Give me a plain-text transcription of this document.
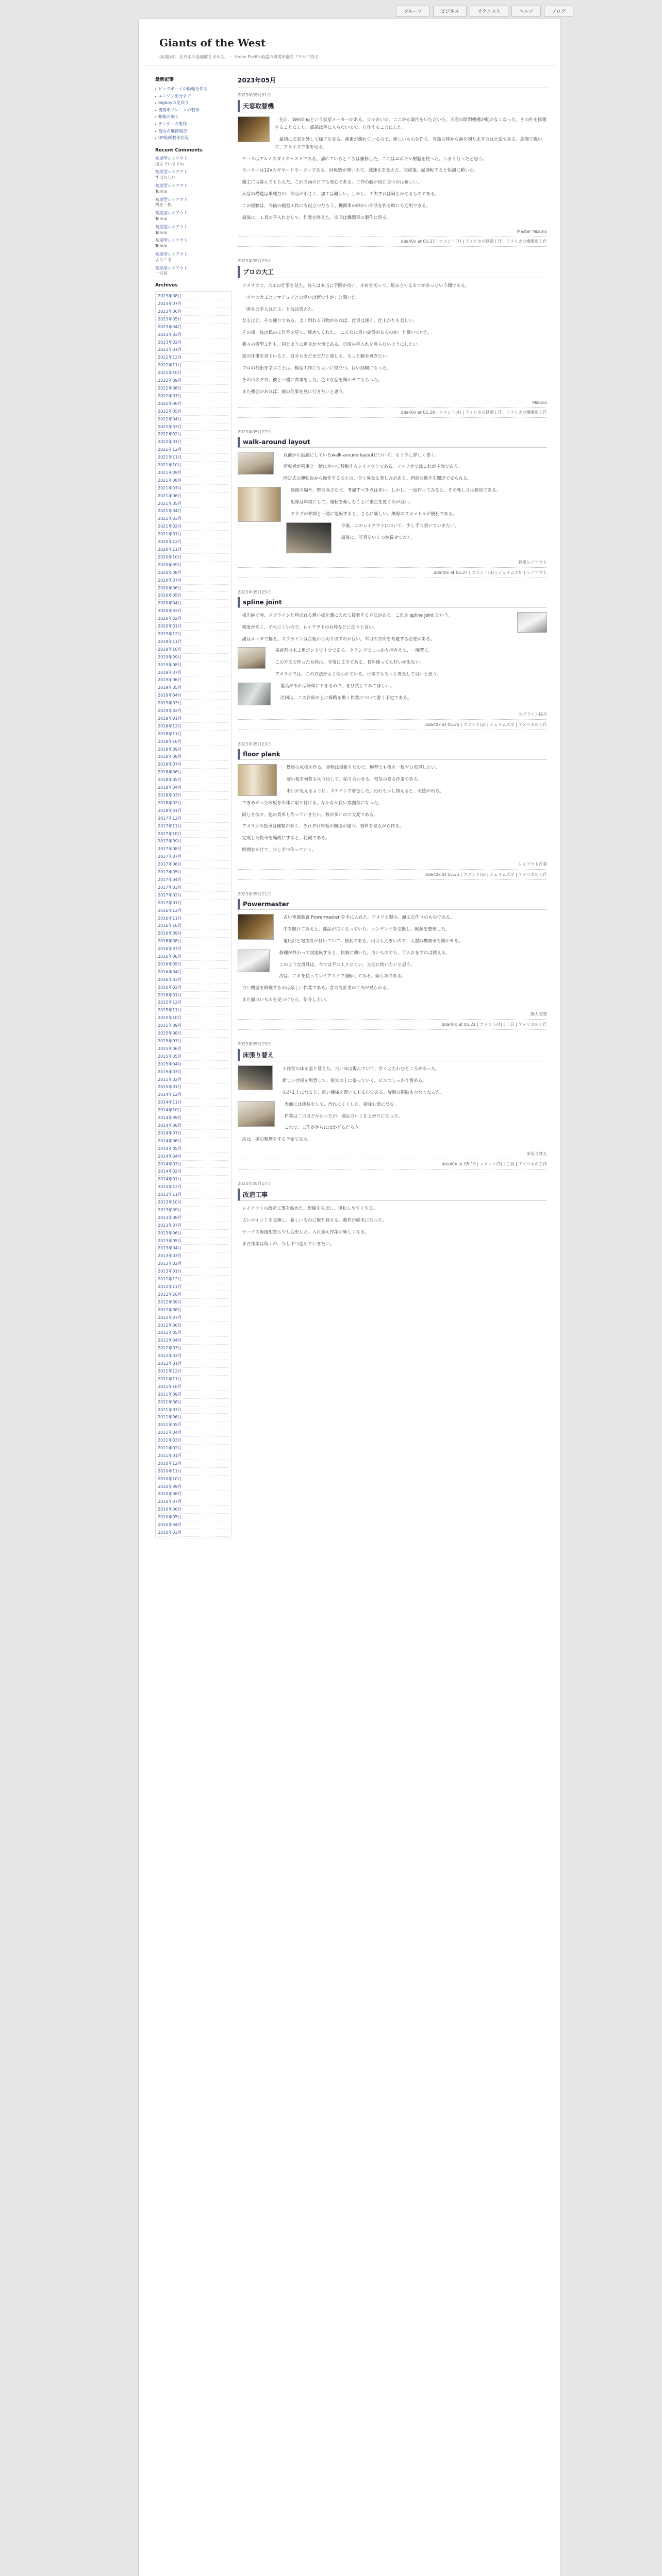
グループ	ビジネス	リクエスト	ヘルプ	ブログ
Giants of the West

(仮題)移、北日本の最適解を求める、 ~ Union Pacific最盛の機関車群をブラシで作る

最新記事
ビッグボーイの動輪を作る
エンジン部分まで
bigboyの足回り
機関車フレームの製作
軸箱の加工
テンダーの製作
最近の進捗報告
UP最新製作状況
Recent Comments
初期型レイアウト
進んでいますね
初期型レイアウト
すばらしい
初期型レイアウト
Tomix
初期型レイアウト
机を一枚
初期型レイアウト
Tomix
初期型レイアウト
Tomix
初期型レイアウト
Tomix
初期型レイアウト
ようこそ
初期型レイアウト
一日前
Archives
2023年08月
2023年07月
2023年06月
2023年05月
2023年04月
2023年03月
2023年02月
2023年01月
2022年12月
2022年11月
2022年10月
2022年09月
2022年08月
2022年07月
2022年06月
2022年05月
2022年04月
2022年03月
2022年02月
2022年01月
2021年12月
2021年11月
2021年10月
2021年09月
2021年08月
2021年07月
2021年06月
2021年05月
2021年04月
2021年03月
2021年02月
2021年01月
2020年12月
2020年11月
2020年10月
2020年09月
2020年08月
2020年07月
2020年06月
2020年05月
2020年04月
2020年03月
2020年02月
2020年01月
2019年12月
2019年11月
2019年10月
2019年09月
2019年08月
2019年07月
2019年06月
2019年05月
2019年04月
2019年03月
2019年02月
2019年01月
2018年12月
2018年11月
2018年10月
2018年09月
2018年08月
2018年07月
2018年06月
2018年05月
2018年04月
2018年03月
2018年02月
2018年01月
2017年12月
2017年11月
2017年10月
2017年09月
2017年08月
2017年07月
2017年06月
2017年05月
2017年04月
2017年03月
2017年02月
2017年01月
2016年12月
2016年11月
2016年10月
2016年09月
2016年08月
2016年07月
2016年06月
2016年05月
2016年04月
2016年03月
2016年02月
2016年01月
2015年12月
2015年11月
2015年10月
2015年09月
2015年08月
2015年07月
2015年06月
2015年05月
2015年04月
2015年03月
2015年02月
2015年01月
2014年12月
2014年11月
2014年10月
2014年09月
2014年08月
2014年07月
2014年06月
2014年05月
2014年04月
2014年03月
2014年02月
2014年01月
2013年12月
2013年11月
2013年10月
2013年09月
2013年08月
2013年07月
2013年06月
2013年05月
2013年04月
2013年03月
2013年02月
2013年01月
2012年12月
2012年11月
2012年10月
2012年09月
2012年08月
2012年07月
2012年06月
2012年05月
2012年04月
2012年03月
2012年02月
2012年01月
2011年12月
2011年11月
2011年10月
2011年09月
2011年08月
2011年07月
2011年06月
2011年05月
2011年04月
2011年03月
2011年02月
2011年01月
2010年12月
2010年11月
2010年10月
2010年09月
2010年08月
2010年07月
2010年06月
2010年05月
2010年04月
2010年03月
2023年05月
2023年05月31日
天窓取替機

先日、Westingという家屋メーカーがある。少々古いが、ここから案内をいただいた。天窓の開閉機構が動かなくなった。その件を修理することにした。部品は手に入らないので、自作することにした。

最初に天窓を外して様子を見る。歯車が壊れているので、新しいものを作る。真鍮の棒から歯を削り出すのは大変である。旋盤で挽いて、フライスで歯を切る。

ケースはアルミのダイキャストである。割れているところは補修した。ここはエポキシ樹脂を使った。うまく行ったと思う。

モーターは12Vのギヤードモーターである。回転数が遅いので、減速比を変えた。完成後、試運転すると快調に動いた。

施主には喜んでもらえた。これで雨の日でも安心である。工作の腕が役に立つのは嬉しい。

天窓の構造は単純だが、部品が小さく、加工は難しい。しかし、工夫すれば何とかなるものである。

この経験は、今後の模型工作にも役立つだろう。機関車の細かい部品を作る時にも応用できる。

最後に、工具の手入れをして、作業を終えた。次回は機関車の製作に戻る。

Master Mizuno
dda40x at 05:37 | コメント(7) | アメリカの鉄道工作 | アメリカの機関車工作
2023年05月29日
プロの大工

アメリカで、大工の仕事を見た。彼らは本当に手際が良い。木材を切って、組み立てるまでがあっという間である。

「プロの大工とアマチュアとの違いは何ですか」と聞いた。

「道具の手入れだよ」と彼は答えた。

なるほど、その通りである。よく切れる刃物があれば、仕事は速く、仕上がりも美しい。

その後、彼は私の工作室を見て、褒めてくれた。「こんなに良い旋盤があるのか」と驚いていた。

我々の模型工作も、同じように道具が大切である。日頃の手入れを怠らないようにしたい。

彼の仕事を見ていると、自分もまだまだだと感じる。もっと腕を磨きたい。

プロの技術を学ぶことは、模型工作にも大いに役立つ。良い経験になった。

その日の夕方、彼と一緒に食事をした。色々な話を聞かせてもらった。

また機会があれば、彼の仕事を見に行きたいと思う。

Mizuno
dda40x at 05:29 | コメント(4) | アメリカの鉄道工作 | アメリカの機関車工作
2023年05月27日
walk-around layout

以前から話題にしているwalk-around layoutについて、もう少し詳しく書く。

運転者が列車と一緒に歩いて移動するレイアウトである。アメリカではこれが主流である。

固定式の運転台から操作するのとは、全く異なる楽しみがある。列車の動きを間近で見られる。

通路の幅や、壁の高さなど、考慮すべき点は多い。しかし、一度作ってみると、その楽しさは格別である。

配線は単純にして、運転を楽しむことに重点を置くのが良い。

クラブの仲間と一緒に運転すると、さらに楽しい。無線のスロットルが便利である。

今後、このレイアウトについて、少しずつ書いていきたい。

最後に、写真をいくつか載せておく。

鉄道レイアウト
dda40x at 05:27 | コメント(3) | ジェイムズ川 | レイアウト
2023年05月25日
spline joint

板を継ぐ時、スプラインと呼ばれる薄い板を溝に入れて接着する方法がある。これを spline joint という。

強度が高く、ずれにくいので、レイアウトの台枠などに使うと良い。

溝はルータで掘る。スプラインは合板から切り出すのが良い。木目の方向を考慮する必要がある。

接着剤は木工用ボンドで十分である。クランプでしっかり押さえて、一晩置く。

この方法で作った台枠は、非常に丈夫である。長年使っても狂いが出ない。

アメリカでは、この方法がよく使われている。日本でももっと普及して良いと思う。

道具があれば簡単にできるので、ぜひ試してみてほしい。

次回は、この台枠の上に線路を敷く作業について書く予定である。

スプライン接合
dda40x at 05:25 | コメント(2) | ジェイムズ川 | アメリカの工作
2023年05月23日
floor plank

貨車の床板を作る。実物は板張りなので、模型でも板を一枚ずつ表現したい。

薄い板を何枚も切り出して、貼り合わせる。根気の要る作業である。

木目が見えるように、ステインで着色した。汚れも少し加えると、実感が出る。

できあがった床板を車体に取り付ける。なかなか良い雰囲気になった。

同じ方法で、他の貨車も作っていきたい。数が多いので大変である。

アメリカの貨車は種類が多く、それぞれ床板の構造が違う。資料を見ながら作る。

完成した貨車を編成にすると、壮観である。

時間をかけて、少しずつ作っていく。

レイアウト作業
dda40x at 05:23 | コメント(5) | ジェイムズ川 | アメリカの工作
2023年05月21日
Powermaster

古い電源装置 Powermaster を手に入れた。アメリカ製の、頑丈な作りのものである。

中を開けてみると、部品が古くなっていた。コンデンサを交換し、配線を整理した。

電圧計と電流計が付いていて、便利である。出力も大きいので、大型の機関車も動かせる。

修理が終わって試運転すると、快調に動いた。古いものでも、手入れをすれば使える。

このような道具は、今では手に入りにくい。大切に使いたいと思う。

次は、これを使ってレイアウトで運転してみる。楽しみである。

古い機器を修理するのは楽しい作業である。昔の設計者の工夫が見られる。

また面白いものを見つけたら、紹介したい。

動力装置
dda40x at 05:21 | コメント(4) | 工具 | アメリカの工作
2023年05月19日
床張り替え

工作室の床を張り替えた。古い床は傷んでいて、歩くとたわむところがあった。

新しい合板を用意して、根太の上に張っていく。ビスでしっかり留める。

床が丈夫になると、重い機械を置いても安心である。旋盤の振動も少なくなった。

表面には塗装をして、汚れにくくした。掃除も楽になる。

作業は二日ほどかかったが、満足のいく仕上がりになった。

これで、工作がさらにはかどるだろう。

次は、棚の整理をする予定である。

床張り替え
dda40x at 05:19 | コメント(3) | 工具 | アメリカの工作
2023年05月17日
改造工事

レイアウトの改造工事を始めた。配線を見直し、運転しやすくする。

古いポイントを交換し、新しいものに取り替える。動作が確実になった。

ヤードの線路配置も少し変更した。入れ換え作業が楽しくなる。

まだ作業は続くが、少しずつ進めていきたい。
